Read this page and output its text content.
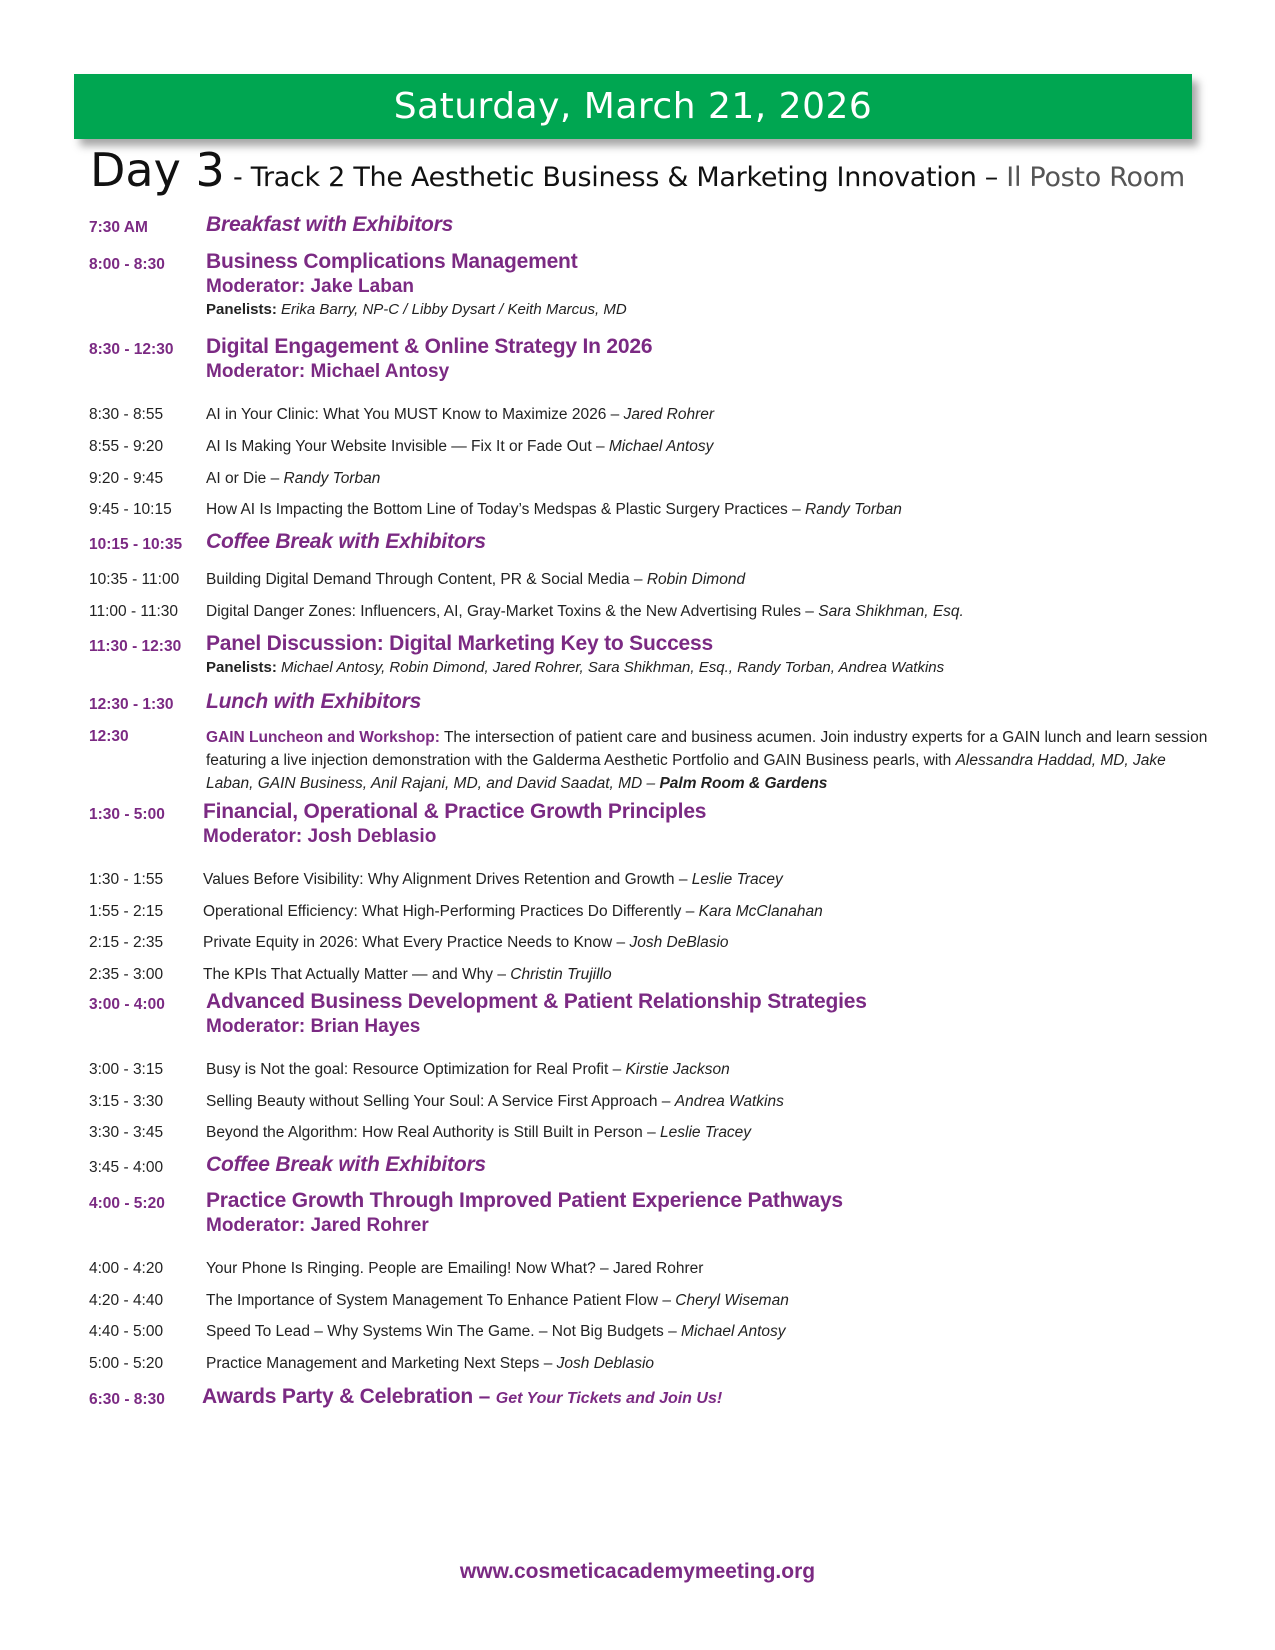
Saturday, March 21, 2026
Day 3 - Track 2 The Aesthetic Business & Marketing Innovation – Il Posto Room
7:30 AM	Breakfast with Exhibitors
8:00 - 8:30 Business Complications Management
Moderator: Jake Laban
Panelists: Erika Barry, NP-C / Libby Dysart / Keith Marcus, MD
8:30 - 12:30 Digital Engagement & Online Strategy In 2026
Moderator: Michael Antosy
8:30 - 8:55	AI in Your Clinic: What You MUST Know to Maximize 2026 – Jared Rohrer
8:55 - 9:20	AI Is Making Your Website Invisible — Fix It or Fade Out – Michael Antosy
9:20 - 9:45	AI or Die – Randy Torban
9:45 - 10:15 How AI Is Impacting the Bottom Line of Today’s Medspas & Plastic Surgery Practices – Randy Torban
10:15 - 10:35 Coffee Break with Exhibitors
10:35 - 11:00 Building Digital Demand Through Content, PR & Social Media – Robin Dimond
11:00 - 11:30 Digital Danger Zones: Influencers, AI, Gray-Market Toxins & the New Advertising Rules – Sara Shikhman, Esq.
11:30 - 12:30 Panel Discussion: Digital Marketing Key to Success
Panelists: Michael Antosy, Robin Dimond, Jared Rohrer, Sara Shikhman, Esq., Randy Torban, Andrea Watkins
12:30 - 1:30 Lunch with Exhibitors
12:30	GAIN Luncheon and Workshop: The intersection of patient care and business acumen. Join industry experts for a GAIN lunch and learn session featuring a live injection demonstration with the Galderma Aesthetic Portfolio and GAIN Business pearls, with Alessandra Haddad, MD, Jake Laban, GAIN Business, Anil Rajani, MD, and David Saadat, MD – Palm Room & Gardens
1:30 - 5:00 Financial, Operational & Practice Growth Principles
Moderator: Josh Deblasio
1:30 - 1:55	Values Before Visibility: Why Alignment Drives Retention and Growth – Leslie Tracey
1:55 - 2:15	Operational Efficiency: What High-Performing Practices Do Differently – Kara McClanahan
2:15 - 2:35	Private Equity in 2026: What Every Practice Needs to Know – Josh DeBlasio
2:35 - 3:00	The KPIs That Actually Matter — and Why – Christin Trujillo
3:00 - 4:00 Advanced Business Development & Patient Relationship Strategies
Moderator: Brian Hayes
3:00 - 3:15	Busy is Not the goal: Resource Optimization for Real Profit – Kirstie Jackson
3:15 - 3:30	Selling Beauty without Selling Your Soul: A Service First Approach – Andrea Watkins
3:30 - 3:45	Beyond the Algorithm: How Real Authority is Still Built in Person – Leslie Tracey
3:45 - 4:00 Coffee Break with Exhibitors
4:00 - 5:20 Practice Growth Through Improved Patient Experience Pathways
Moderator: Jared Rohrer
4:00 - 4:20	Your Phone Is Ringing. People are Emailing! Now What? – Jared Rohrer
4:20 - 4:40	The Importance of System Management To Enhance Patient Flow – Cheryl Wiseman
4:40 - 5:00	Speed To Lead – Why Systems Win The Game. – Not Big Budgets – Michael Antosy
5:00 - 5:20	Practice Management and Marketing Next Steps – Josh Deblasio
6:30 - 8:30 Awards Party & Celebration – Get Your Tickets and Join Us!
www.cosmeticacademymeeting.org
